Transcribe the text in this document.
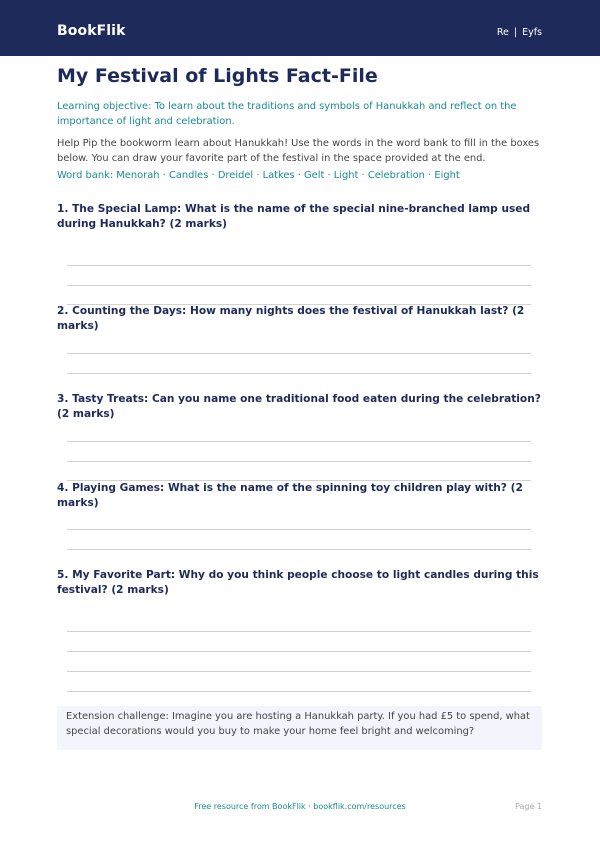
BookFlik	Re | Eyfs
My Festival of Lights Fact-File
Learning objective: To learn about the traditions and symbols of Hanukkah and reflect on the importance of light and celebration.
Help Pip the bookworm learn about Hanukkah! Use the words in the word bank to fill in the boxes below. You can draw your favorite part of the festival in the space provided at the end.
Word bank: Menorah · Candles · Dreidel · Latkes · Gelt · Light · Celebration · Eight
1. The Special Lamp: What is the name of the special nine-branched lamp used during Hanukkah? (2 marks)
2. Counting the Days: How many nights does the festival of Hanukkah last? (2 marks)
3. Tasty Treats: Can you name one traditional food eaten during the celebration? (2 marks)
4. Playing Games: What is the name of the spinning toy children play with? (2 marks)
5. My Favorite Part: Why do you think people choose to light candles during this festival? (2 marks)
Extension challenge: Imagine you are hosting a Hanukkah party. If you had £5 to spend, what special decorations would you buy to make your home feel bright and welcoming?
Free resource from BookFlik · bookflik.com/resources	Page 1
